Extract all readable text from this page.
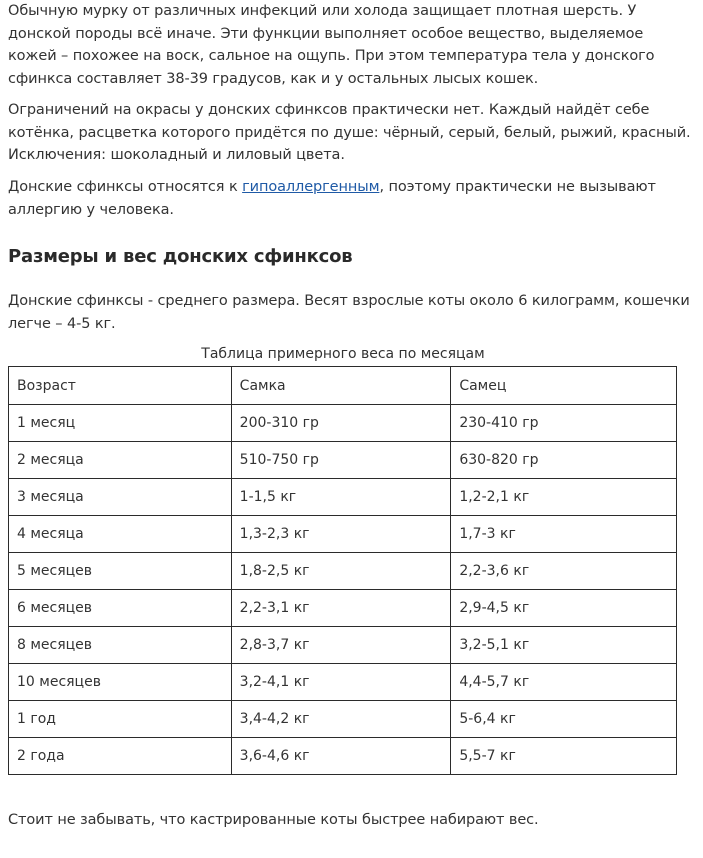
Обычную мурку от различных инфекций или холода защищает плотная шерсть. У донской породы всё иначе. Эти функции выполняет особое вещество, выделяемое кожей – похожее на воск, сальное на ощупь. При этом температура тела у донского сфинкса составляет 38-39 градусов, как и у остальных лысых кошек.

Ограничений на окрасы у донских сфинксов практически нет. Каждый найдёт себе котёнка, расцветка которого придётся по душе: чёрный, серый, белый, рыжий, красный. Исключения: шоколадный и лиловый цвета.

Донские сфинксы относятся к гипоаллергенным, поэтому практически не вызывают аллергию у человека.

Размеры и вес донских сфинксов

Донские сфинксы - среднего размера. Весят взрослые коты около 6 килограмм, кошечки легче – 4-5 кг.

Таблица примерного веса по месяцам
Возраст	Самка	Самец
1 месяц	200-310 гр	230-410 гр
2 месяца	510-750 гр	630-820 гр
3 месяца	1-1,5 кг	1,2-2,1 кг
4 месяца	1,3-2,3 кг	1,7-3 кг
5 месяцев	1,8-2,5 кг	2,2-3,6 кг
6 месяцев	2,2-3,1 кг	2,9-4,5 кг
8 месяцев	2,8-3,7 кг	3,2-5,1 кг
10 месяцев	3,2-4,1 кг	4,4-5,7 кг
1 год	3,4-4,2 кг	5-6,4 кг
2 года	3,6-4,6 кг	5,5-7 кг

Стоит не забывать, что кастрированные коты быстрее набирают вес.
